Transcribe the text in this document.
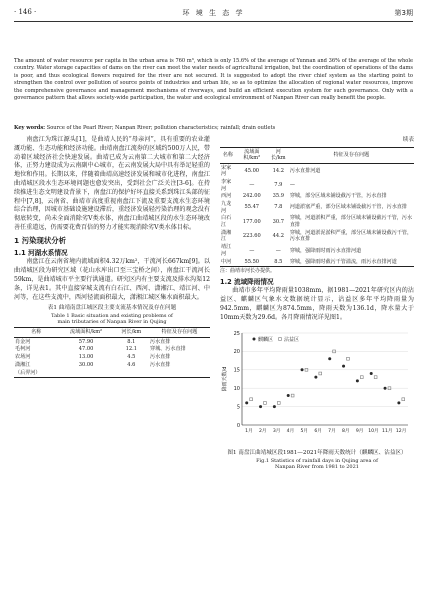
· 146 ·	环 境 生 态 学	第3期
The amount of water resource per capita in the urban area is 760 m³, which is only 15.6% of the average of Yunnan and 36% of the average of the whole country. Water storage capacities of dams on the river can meet the water needs of agricultural irrigation, but the coordination of operations of the dams is poor, and thus ecological flowers required for the river are not secured. It is suggested to adopt the river chief system as the starting point to strengthen the control over pollution of source points of industries and urban life, so as to optimize the allocation of regional water resources, improve the comprehensive governance and management mechanisms of riverways, and build an efficient execution system for such governance. Only with a governance pattern that allows society-wide participation, the water and ecological environment of Nanpan River can really benefit the people.
Key words: Source of the Pearl River; Nanpan River; pollution characteristics; rainfall; drain outlets

南盘江为珠江源头[1]，是曲靖人民的“母亲河”，具有重要的农业灌溉功能、生态功能和经济功能。曲靖南盘江流券的区域约500万人民，带动着区域经济社会快速发展。曲靖已成为云南第二大城市和第二大经济体，正努力建设成为云南副中心城市，在云南发展大局中具有举足轻重的地位和作用。长期以来，伴随着曲靖高速经济发展和城市化进程，南盘江曲靖城区段水生态环境问题也愈发突出，受到社会广泛关注[3-6]。在持续推进生态文明建设背景下，南盘江的保护好坏直接关系到珠江头部的征程中[7,8]，云南省、曲靖市高度重视南盘江下流及重要支流水生态环境综合治理，因城市基础设施建设滞后，重经济发展轻污染治理的观念没有彻底转变，尚未全面消除劣V类水体，南盘江曲靖城区段的水生态环境改善任重道远，仍需要花费百倍的努力才能实现消除劣V类水体目标。

1 污染现状分析
1.1 河湖水系情况

南盘江在云南省境内流域面积4.32万km²，干流河长667km[9]。以曲靖城区段为研究区域（花山水库出口至三宝桥之间），南盘江干流河长59km，是曲靖城市平主要行洪通道。研究区内有主要支流及排水沟渠12条，详见表1。其中直接穿城支流有白石江、西河、潇湘江、靖江河、中河等，在这些支流中，西河径流面积最大，潇湘江城区集水面积最大。

表1 曲靖南盘江城区段主要支流基本情况及存在问题
Table 1 Basic situation and existing problems of
main tributaries of Nanpan River in Qujing
名称	流域面积/km²	河长/km	特征及存在问题
肖金河	57.90	8.1	污水直排
毛柯河	47.00	12.1	穿城、污水直排
农场河	13.00	4.5	污水直排
潇湘江	30.00	4.6	污水直排
（后羿河）			
续表
名称	流域面积/km²	河长/km	特征及存在问题
宋家河	45.00	14.2	污水直排河道
李家河	—	7.9	—
西河	242.00	35.9	穿城，部分区域未铺设截污干管，污水直排
九龙河	55.47	7.8	河道淤塞严重，部分区域未铺设截污干管，污水直排
白石江	177.00	30.7	穿城，河道淤积严重，部分区域未铺设截污干管，污水直排
潇湘江	223.60	44.2	穿城，河道淤泥淤积严重，部分区域未铺设截污干管，污水直排
靖江河	—	—	穿城，强降雨时雨污水直排河道
中河	55.50	8.5	穿城，强降雨时截污干管溢流，雨污水直排河道
注：曲靖市河长办提供。
1.2 流域降雨情况

曲靖市多年平均降雨量1038mm，据1981—2021年研究区内的沾益区、麒麟区气象水文数据统计显示，沾益区多年平均降雨量为942.5mm，麒麟区为874.5mm，降雨天数为136.1d，降水量大于10mm天数为29.6d。各月降雨情况详见图1。

0
5
10
15
20
25
降雨天数/d
1月 2月 3月 4月 5月 6月 7月 8月 9月 10月 11月 12月
麒麟区 沾益区
图1 南盘江曲靖城区段1981—2021年降雨天数统计（麒麟区、沾益区）
Fig.1 Statistics of rainfall days in Qujing area of
Nanpan River from 1981 to 2021
